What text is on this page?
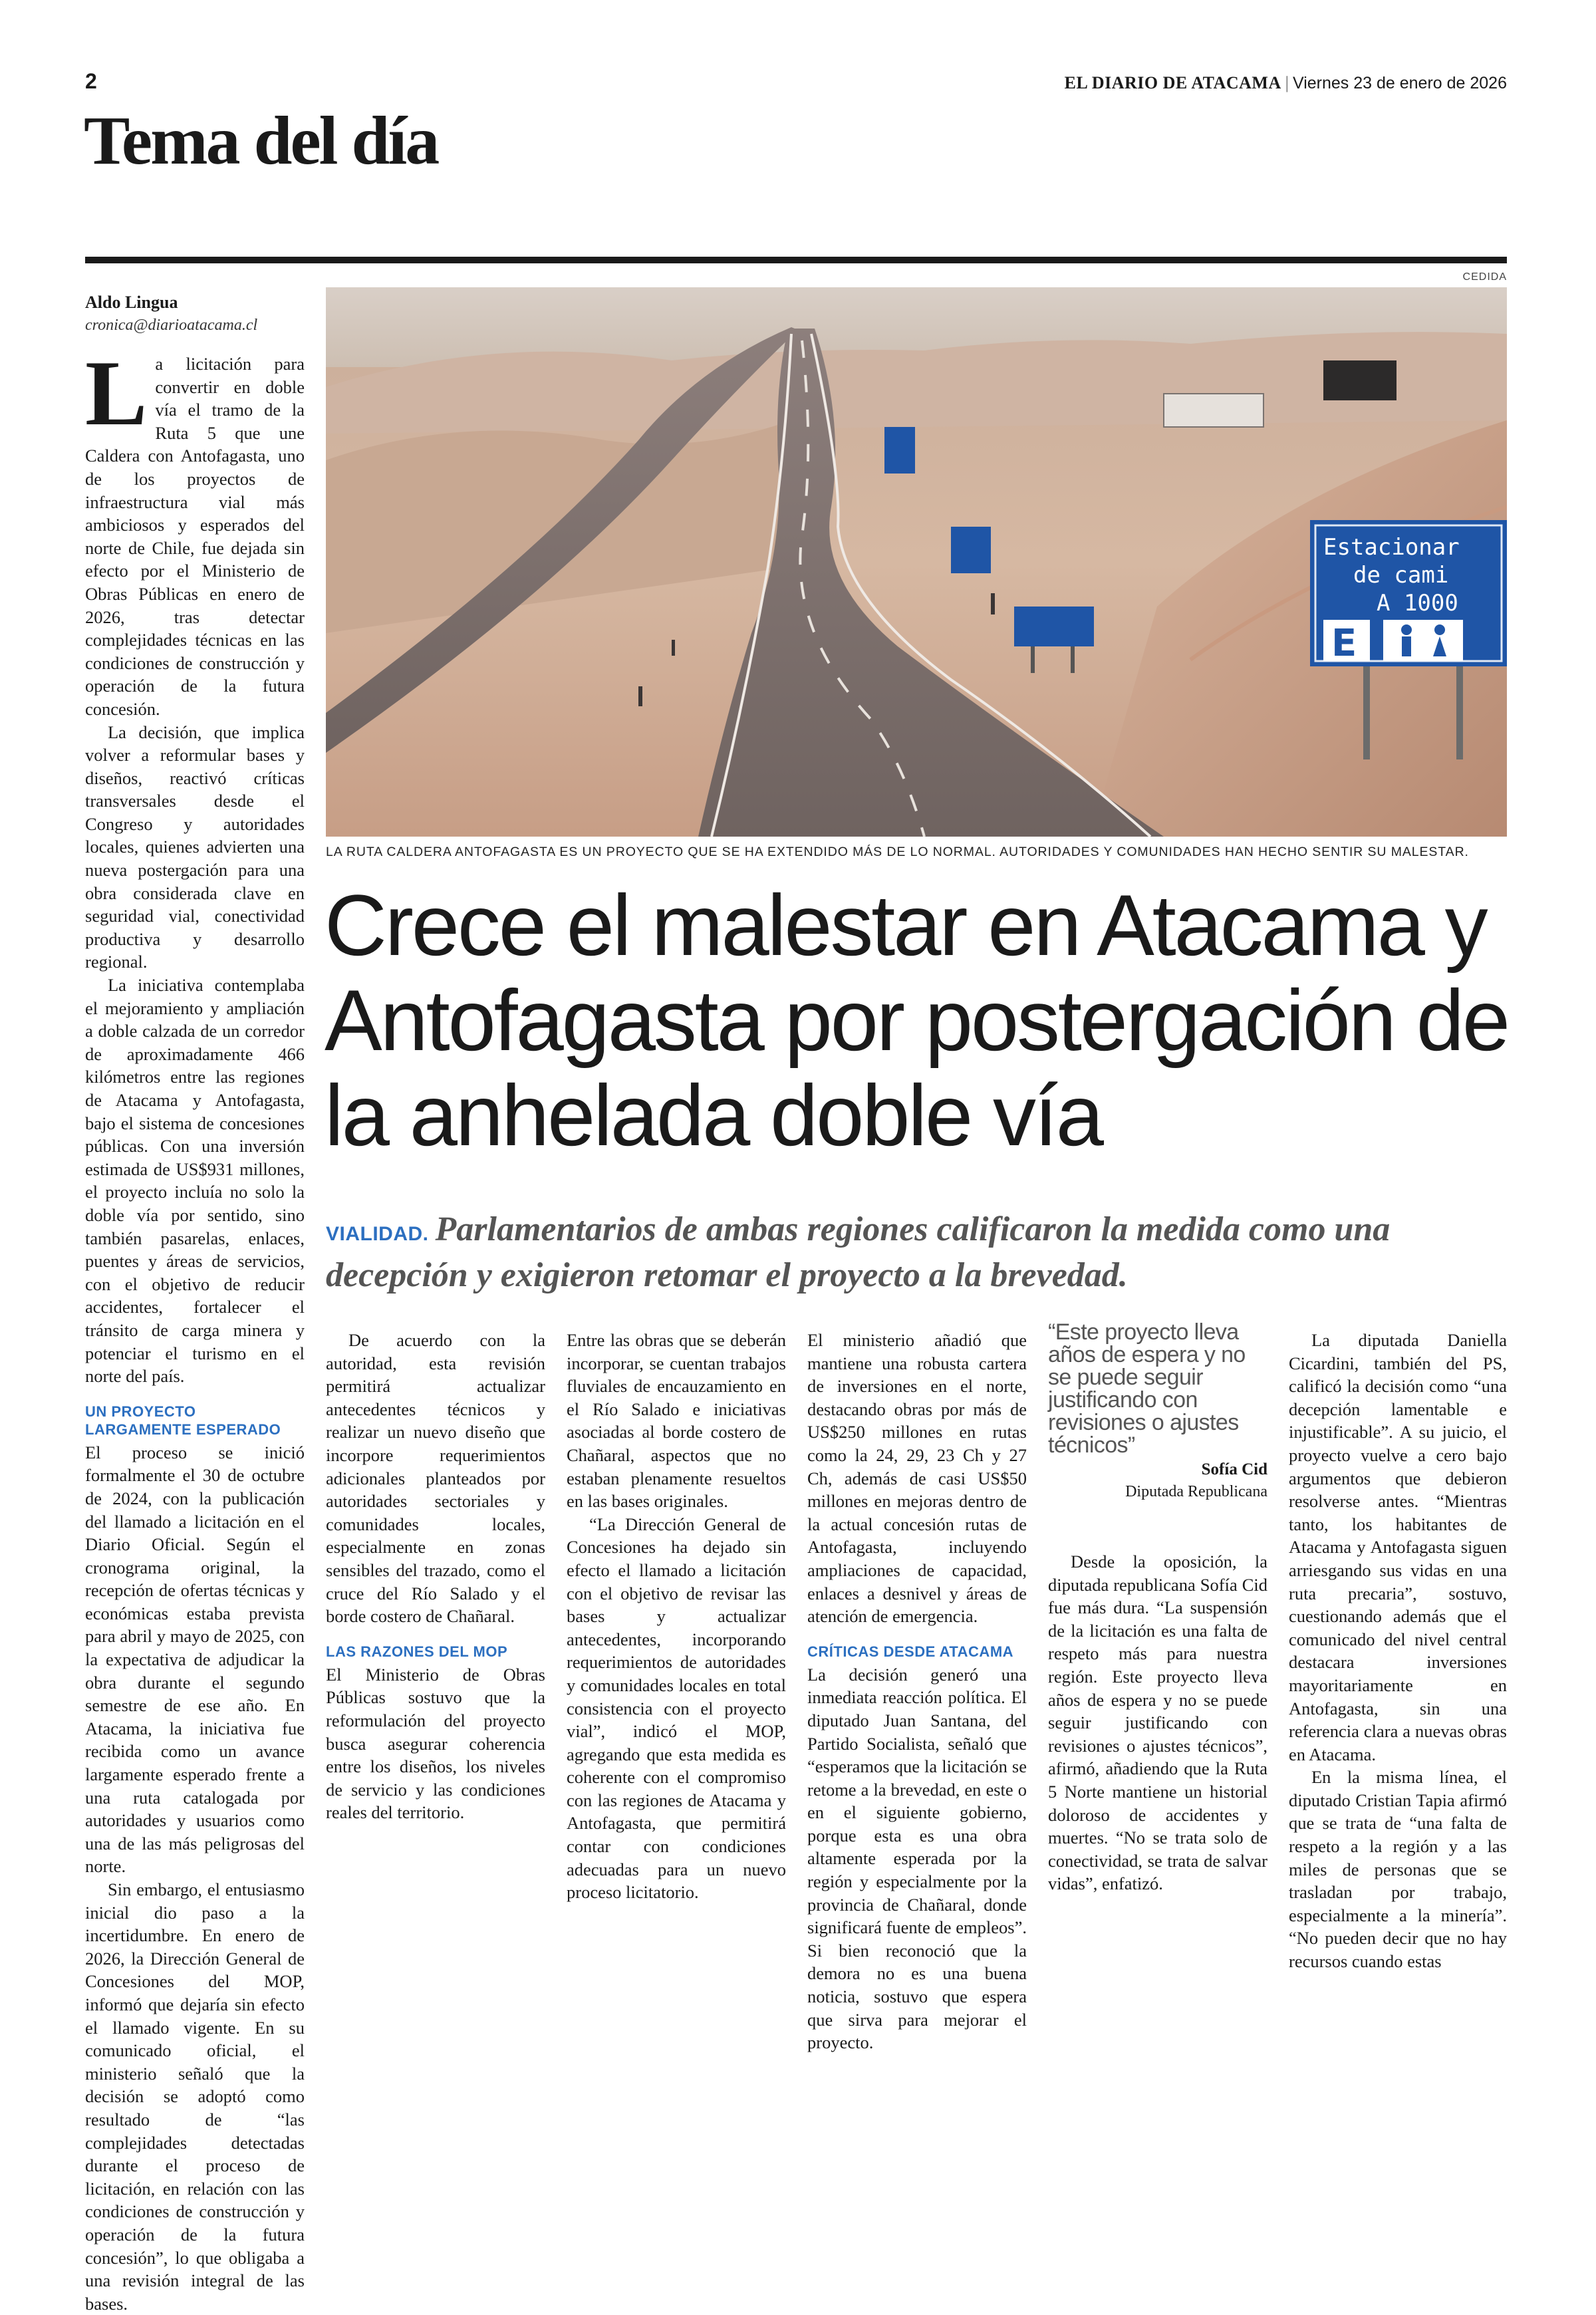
2	EL DIARIO DE ATACAMA | Viernes 23 de enero de 2026
Tema del día
CEDIDA
Estacionar
de cami
A 1000
E
LA RUTA CALDERA ANTOFAGASTA ES UN PROYECTO QUE SE HA EXTENDIDO MÁS DE LO NORMAL. AUTORIDADES Y COMUNIDADES HAN HECHO SENTIR SU MALESTAR.
Crece el malestar en Atacama y Antofagasta por postergación de la anhelada doble vía
VIALIDAD. Parlamentarios de ambas regiones calificaron la medida como una decepción y exigieron retomar el proyecto a la brevedad.
Aldo Lingua
cronica@diarioatacama.cl

La licitación para convertir en doble vía el tramo de la Ruta 5 que une Caldera con Antofagasta, uno de los proyectos de infraestructura vial más ambiciosos y esperados del norte de Chile, fue dejada sin efecto por el Ministerio de Obras Públicas en enero de 2026, tras detectar complejidades técnicas en las condiciones de construcción y operación de la futura concesión.

La decisión, que implica volver a reformular bases y diseños, reactivó críticas transversales desde el Congreso y autoridades locales, quienes advierten una nueva postergación para una obra considerada clave en seguridad vial, conectividad productiva y desarrollo regional.

La iniciativa contemplaba el mejoramiento y ampliación a doble calzada de un corredor de aproximadamente 466 kilómetros entre las regiones de Atacama y Antofagasta, bajo el sistema de concesiones públicas. Con una inversión estimada de US$931 millones, el proyecto incluía no solo la doble vía por sentido, sino también pasarelas, enlaces, puentes y áreas de servicios, con el objetivo de reducir accidentes, fortalecer el tránsito de carga minera y potenciar el turismo en el norte del país.

UN PROYECTO LARGAMENTE ESPERADO

El proceso se inició formalmente el 30 de octubre de 2024, con la publicación del llamado a licitación en el Diario Oficial. Según el cronograma original, la recepción de ofertas técnicas y económicas estaba prevista para abril y mayo de 2025, con la expectativa de adjudicar la obra durante el segundo semestre de ese año. En Atacama, la iniciativa fue recibida como un avance largamente esperado frente a una ruta catalogada por autoridades y usuarios como una de las más peligrosas del norte.

Sin embargo, el entusiasmo inicial dio paso a la incertidumbre. En enero de 2026, la Dirección General de Concesiones del MOP, informó que dejaría sin efecto el llamado vigente. En su comunicado oficial, el ministerio señaló que la decisión se adoptó como resultado de “las complejidades detectadas durante el proceso de licitación, en relación con las condiciones de construcción y operación de la futura concesión”, lo que obligaba a una revisión integral de las bases.

De acuerdo con la autoridad, esta revisión permitirá actualizar antecedentes técnicos y realizar un nuevo diseño que incorpore requerimientos adicionales planteados por autoridades sectoriales y comunidades locales, especialmente en zonas sensibles del trazado, como el cruce del Río Salado y el borde costero de Chañaral.

LAS RAZONES DEL MOP

El Ministerio de Obras Públicas sostuvo que la reformulación del proyecto busca asegurar coherencia entre los diseños, los niveles de servicio y las condiciones reales del territorio.

Entre las obras que se deberán incorporar, se cuentan trabajos fluviales de encauzamiento en el Río Salado e iniciativas asociadas al borde costero de Chañaral, aspectos que no estaban plenamente resueltos en las bases originales.

“La Dirección General de Concesiones ha dejado sin efecto el llamado a licitación con el objetivo de revisar las bases y actualizar antecedentes, incorporando requerimientos de autoridades y comunidades locales en total consistencia con el proyecto vial”, indicó el MOP, agregando que esta medida es coherente con el compromiso con las regiones de Atacama y Antofagasta, que permitirá contar con condiciones adecuadas para un nuevo proceso licitatorio.

El ministerio añadió que mantiene una robusta cartera de inversiones en el norte, destacando obras por más de US$250 millones en rutas como la 24, 29, 23 Ch y 27 Ch, además de casi US$50 millones en mejoras dentro de la actual concesión rutas de Antofagasta, incluyendo ampliaciones de capacidad, enlaces a desnivel y áreas de atención de emergencia.

CRÍTICAS DESDE ATACAMA

La decisión generó una inmediata reacción política. El diputado Juan Santana, del Partido Socialista, señaló que “esperamos que la licitación se retome a la brevedad, en este o en el siguiente gobierno, porque esta es una obra altamente esperada por la región y especialmente por la provincia de Chañaral, donde significará fuente de empleos”. Si bien reconoció que la demora no es una buena noticia, sostuvo que espera que sirva para mejorar el proyecto.

“Este proyecto lleva años de espera y no se puede seguir justificando con revisiones o ajustes técnicos”
Sofía Cid
Diputada Republicana

Desde la oposición, la diputada republicana Sofía Cid fue más dura. “La suspensión de la licitación es una falta de respeto más para nuestra región. Este proyecto lleva años de espera y no se puede seguir justificando con revisiones o ajustes técnicos”, afirmó, añadiendo que la Ruta 5 Norte mantiene un historial doloroso de accidentes y muertes. “No se trata solo de conectividad, se trata de salvar vidas”, enfatizó.

La diputada Daniella Cicardini, también del PS, calificó la decisión como “una decepción lamentable e injustificable”. A su juicio, el proyecto vuelve a cero bajo argumentos que debieron resolverse antes. “Mientras tanto, los habitantes de Atacama y Antofagasta siguen arriesgando sus vidas en una ruta precaria”, sostuvo, cuestionando además que el comunicado del nivel central destacara inversiones mayoritariamente en Antofagasta, sin una referencia clara a nuevas obras en Atacama.

En la misma línea, el diputado Cristian Tapia afirmó que se trata de “una falta de respeto a la región y a las miles de personas que se trasladan por trabajo, especialmente a la minería”. “No pueden decir que no hay recursos cuando estas
